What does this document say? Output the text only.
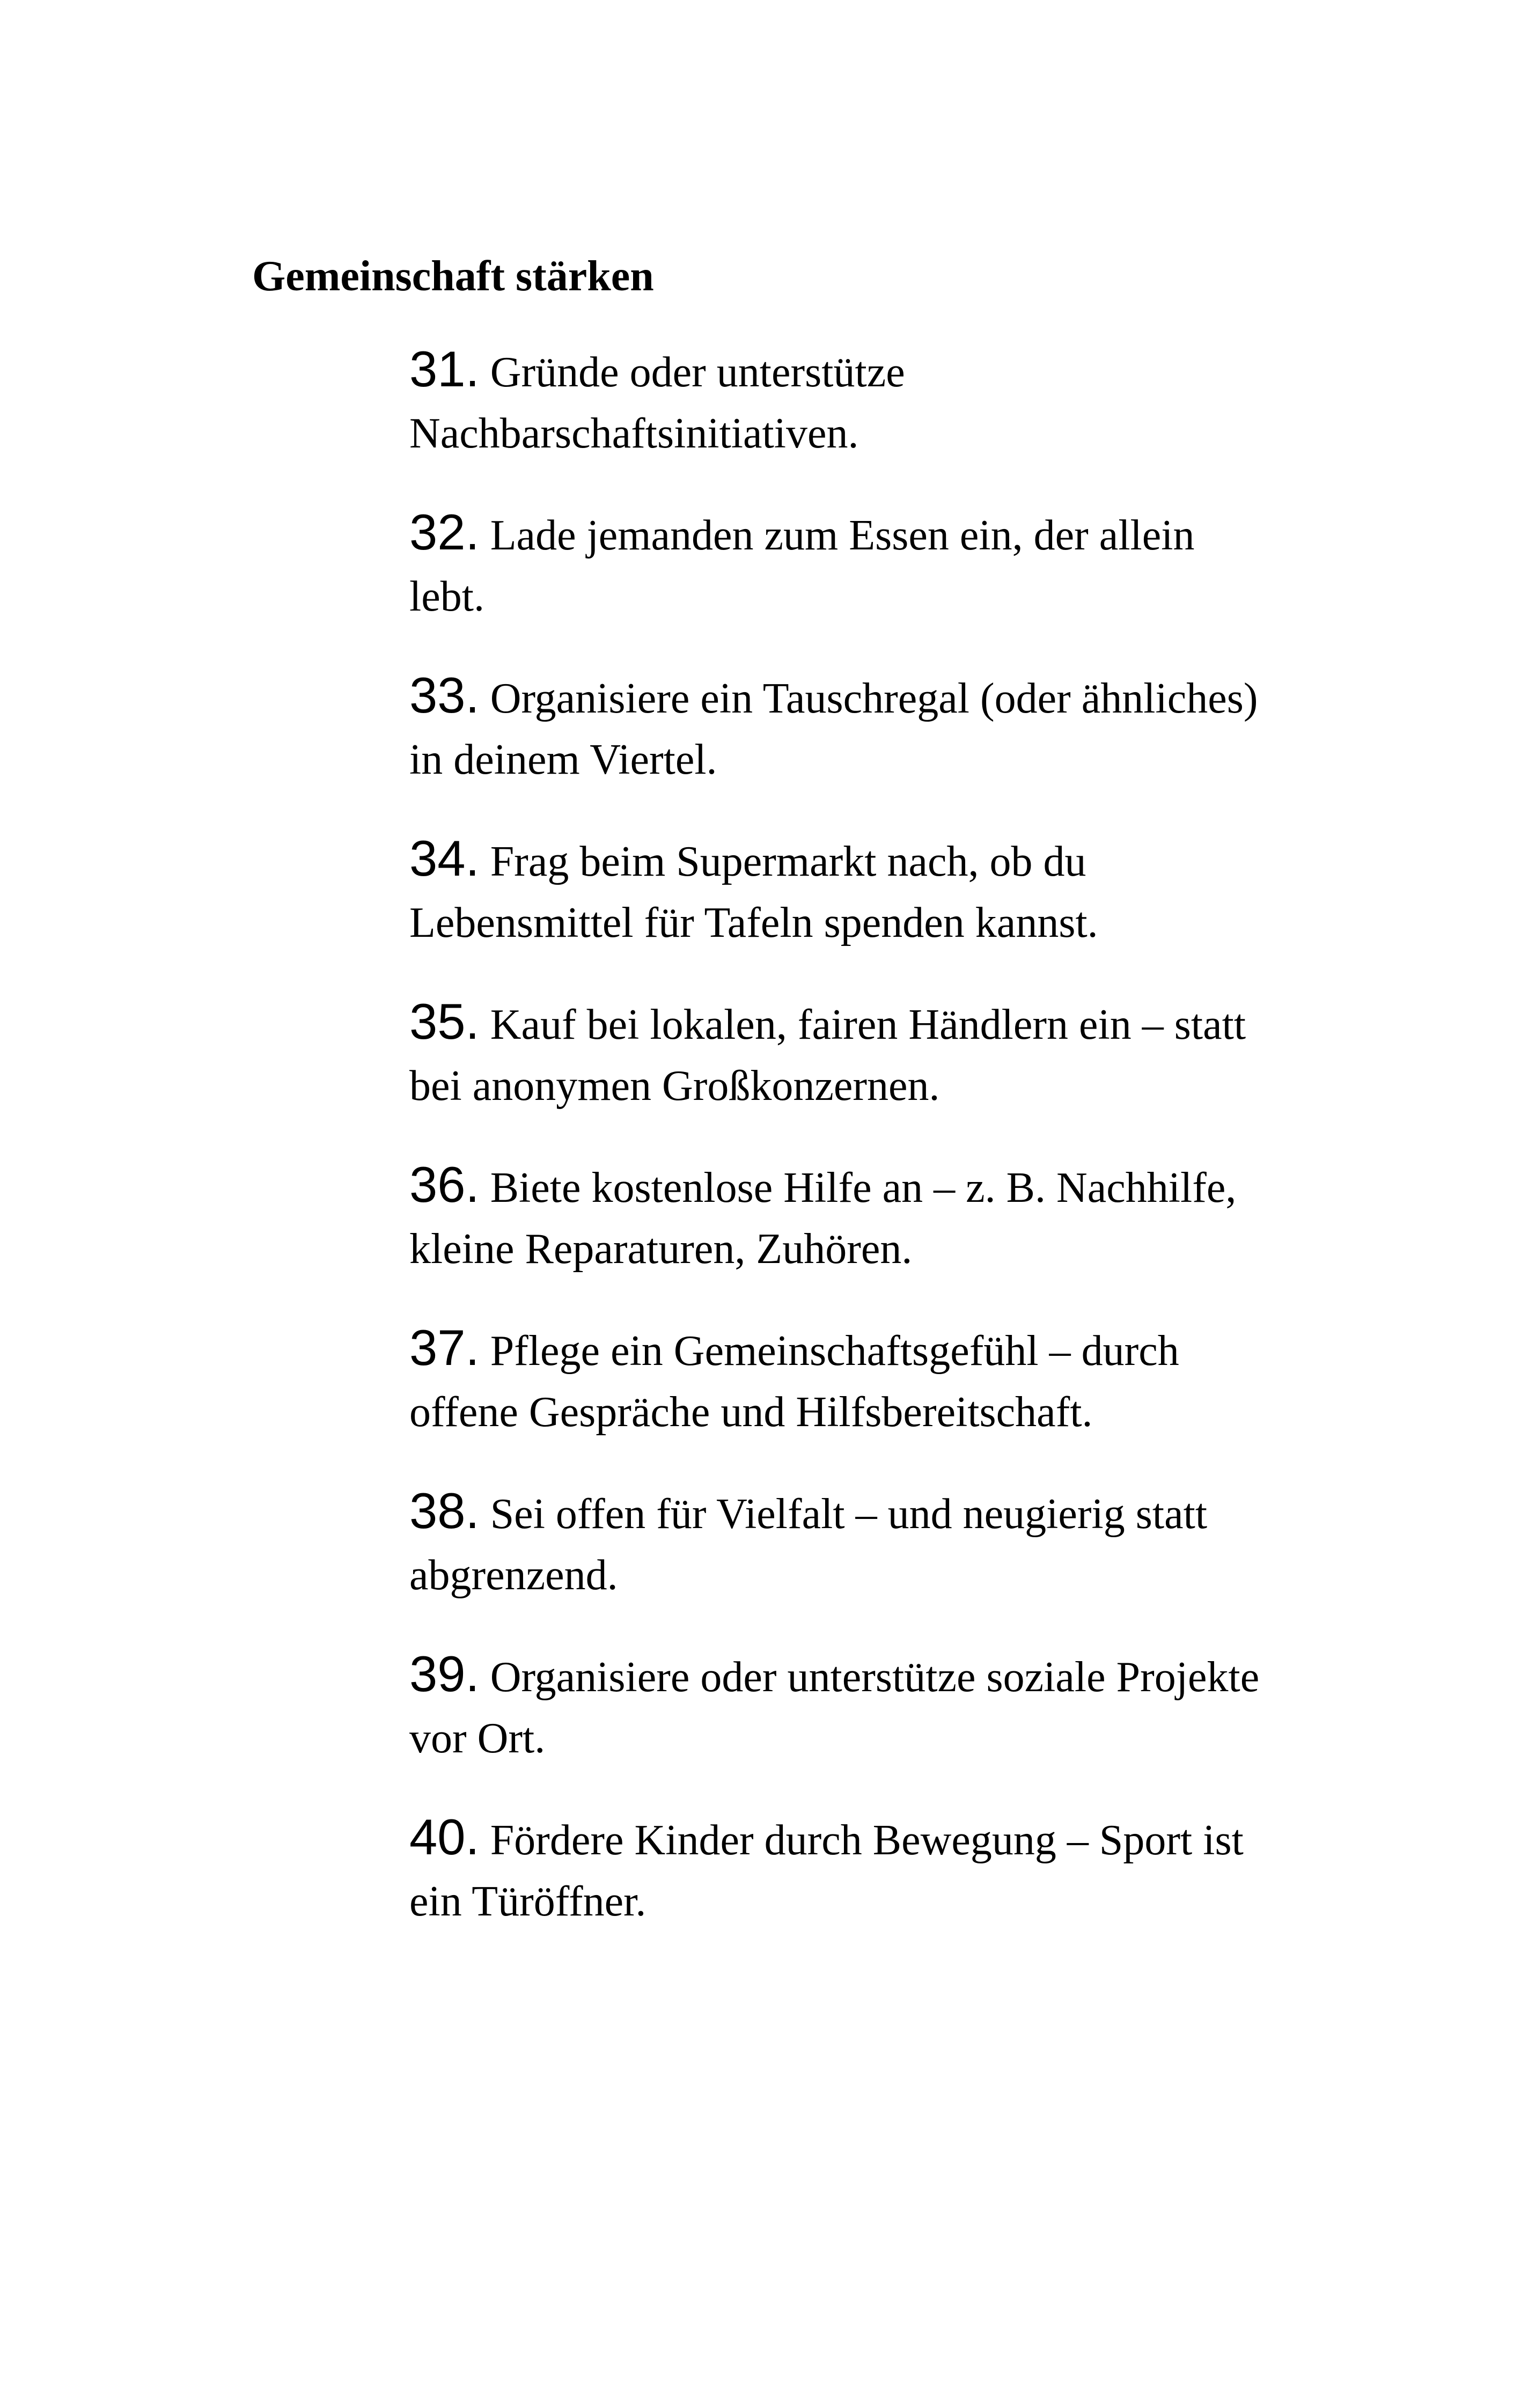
Gemeinschaft stärken
31. Gründe oder unterstütze Nachbarschaftsinitiativen.
32. Lade jemanden zum Essen ein, der allein lebt.
33. Organisiere ein Tauschregal (oder ähnliches) in deinem Viertel.
34. Frag beim Supermarkt nach, ob du Lebensmittel für Tafeln spenden kannst.
35. Kauf bei lokalen, fairen Händlern ein – statt bei anonymen Großkonzernen.
36. Biete kostenlose Hilfe an – z. B. Nachhilfe, kleine Reparaturen, Zuhören.
37. Pflege ein Gemeinschaftsgefühl – durch offene Gespräche und Hilfsbereitschaft.
38. Sei offen für Vielfalt – und neugierig statt abgrenzend.
39. Organisiere oder unterstütze soziale Projekte vor Ort.
40. Fördere Kinder durch Bewegung – Sport ist ein Türöffner.
